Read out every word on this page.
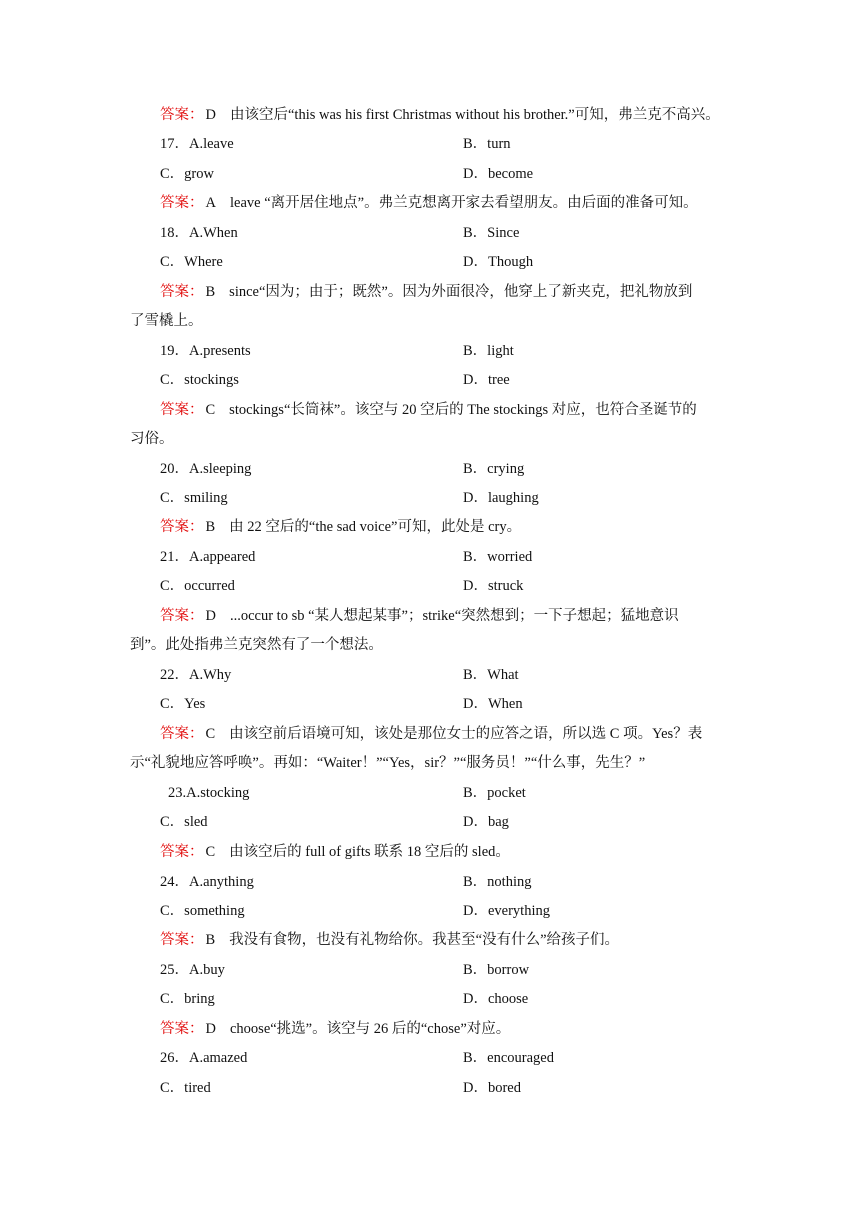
答案： D 由该空后“this was his first Christmas without his brother.”可知，弗兰克不高兴。
17．A.leave	B．turn
C．grow	D．become
答案： A leave “离开居住地点”。弗兰克想离开家去看望朋友。由后面的准备可知。
18．A.When	B．Since
C．Where	D．Though
答案： B since“因为；由于；既然”。因为外面很冷，他穿上了新夹克，把礼物放到
了雪橇上。
19．A.presents	B．light
C．stockings	D．tree
答案： C stockings“长筒袜”。该空与 20 空后的 The stockings 对应，也符合圣诞节的
习俗。
20．A.sleeping	B．crying
C．smiling	D．laughing
答案： B 由 22 空后的“the sad voice”可知，此处是 cry。
21．A.appeared	B．worried
C．occurred	D．struck
答案： D ...occur to sb “某人想起某事”；strike“突然想到；一下子想起；猛地意识
到”。此处指弗兰克突然有了一个想法。
22．A.Why	B．What
C．Yes	D．When
答案： C 由该空前后语境可知，该处是那位女士的应答之语，所以选 C 项。Yes？表
示“礼貌地应答呼唤”。再如：“Waiter！”“Yes，sir？”“服务员！”“什么事，先生？”
23.A.stocking	B．pocket
C．sled	D．bag
答案： C 由该空后的 full of gifts 联系 18 空后的 sled。
24．A.anything	B．nothing
C．something	D．everything
答案： B 我没有食物，也没有礼物给你。我甚至“没有什么”给孩子们。
25．A.buy	B．borrow
C．bring	D．choose
答案： D choose“挑选”。该空与 26 后的“chose”对应。
26．A.amazed	B．encouraged
C．tired	D．bored
